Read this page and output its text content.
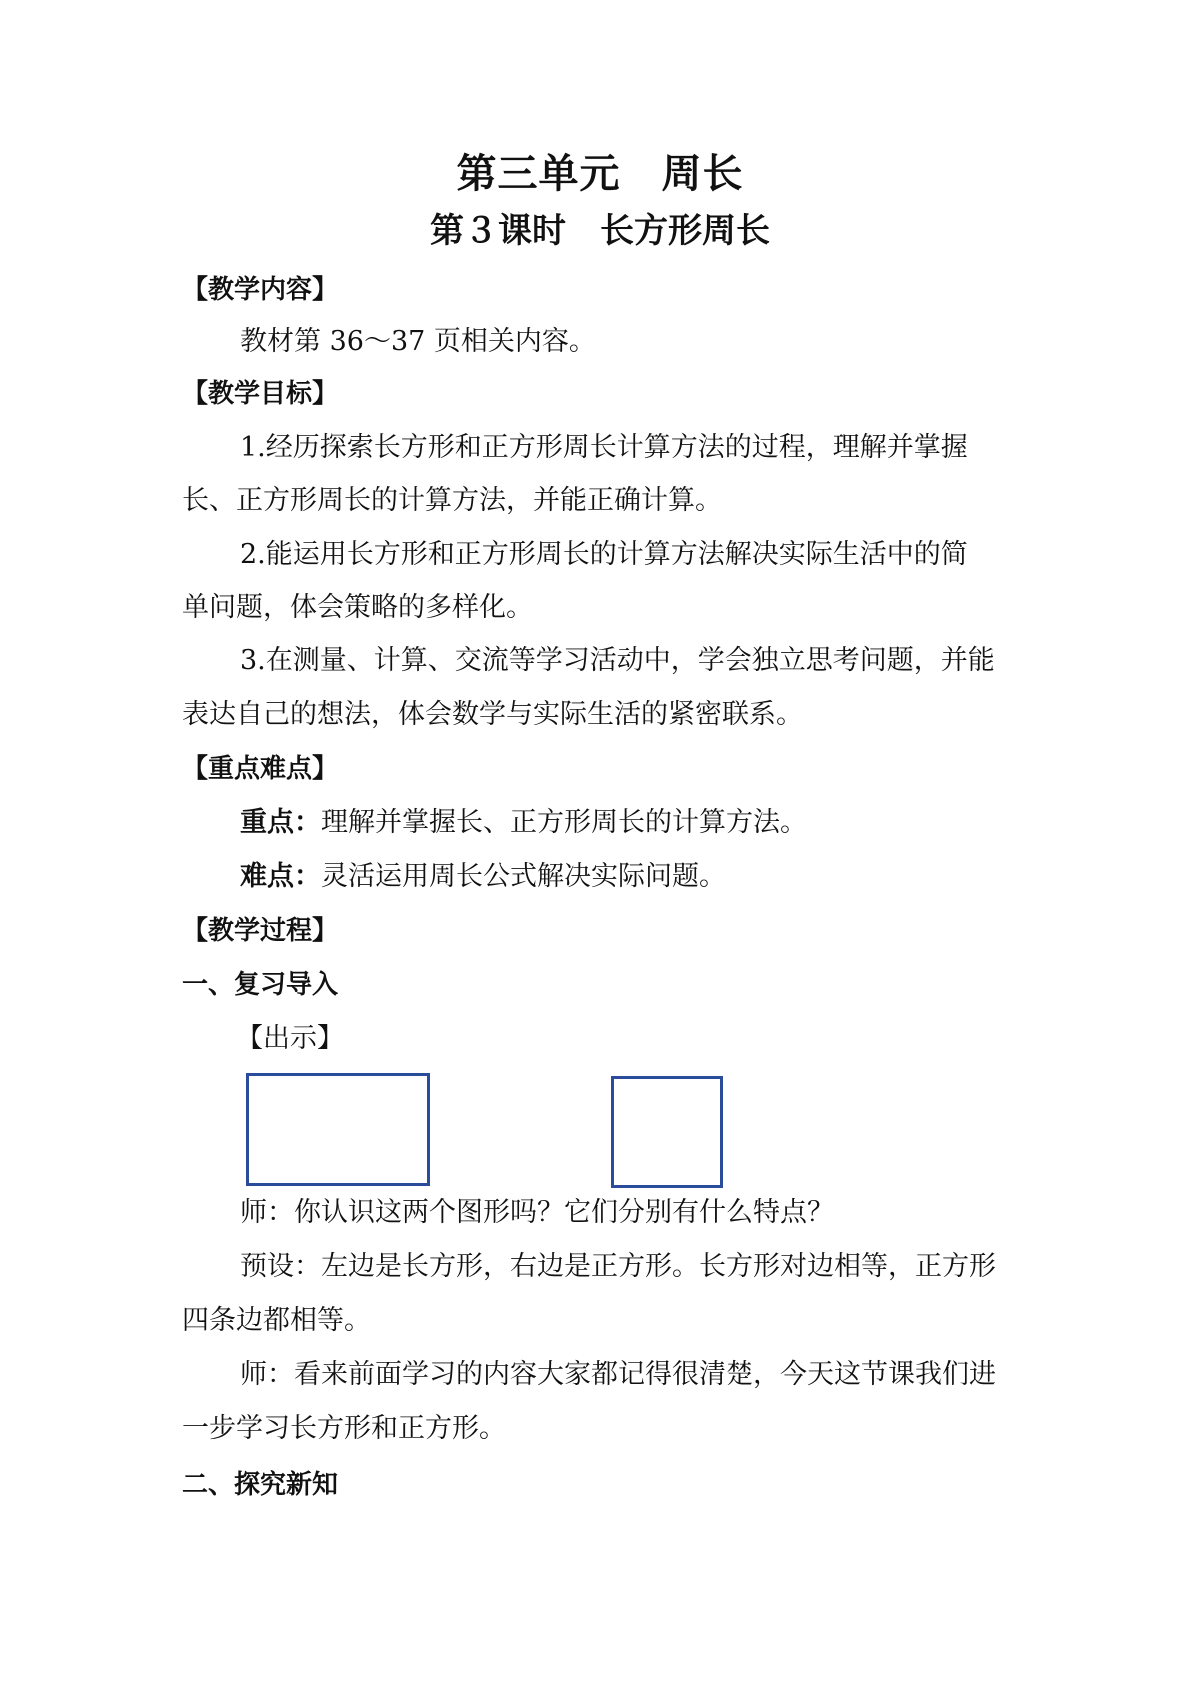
第三单元　周长
第３课时　长方形周长
【教学内容】
教材第 36～37 页相关内容。
【教学目标】
1.经历探索长方形和正方形周长计算方法的过程，理解并掌握
长、正方形周长的计算方法，并能正确计算。
2.能运用长方形和正方形周长的计算方法解决实际生活中的简
单问题，体会策略的多样化。
3.在测量、计算、交流等学习活动中，学会独立思考问题，并能
表达自己的想法，体会数学与实际生活的紧密联系。
【重点难点】
重点：理解并掌握长、正方形周长的计算方法。
难点：灵活运用周长公式解决实际问题。
【教学过程】
一、复习导入
【出示】
师：你认识这两个图形吗？它们分别有什么特点？
预设：左边是长方形，右边是正方形。长方形对边相等，正方形
四条边都相等。
师：看来前面学习的内容大家都记得很清楚，今天这节课我们进
一步学习长方形和正方形。
二、探究新知
